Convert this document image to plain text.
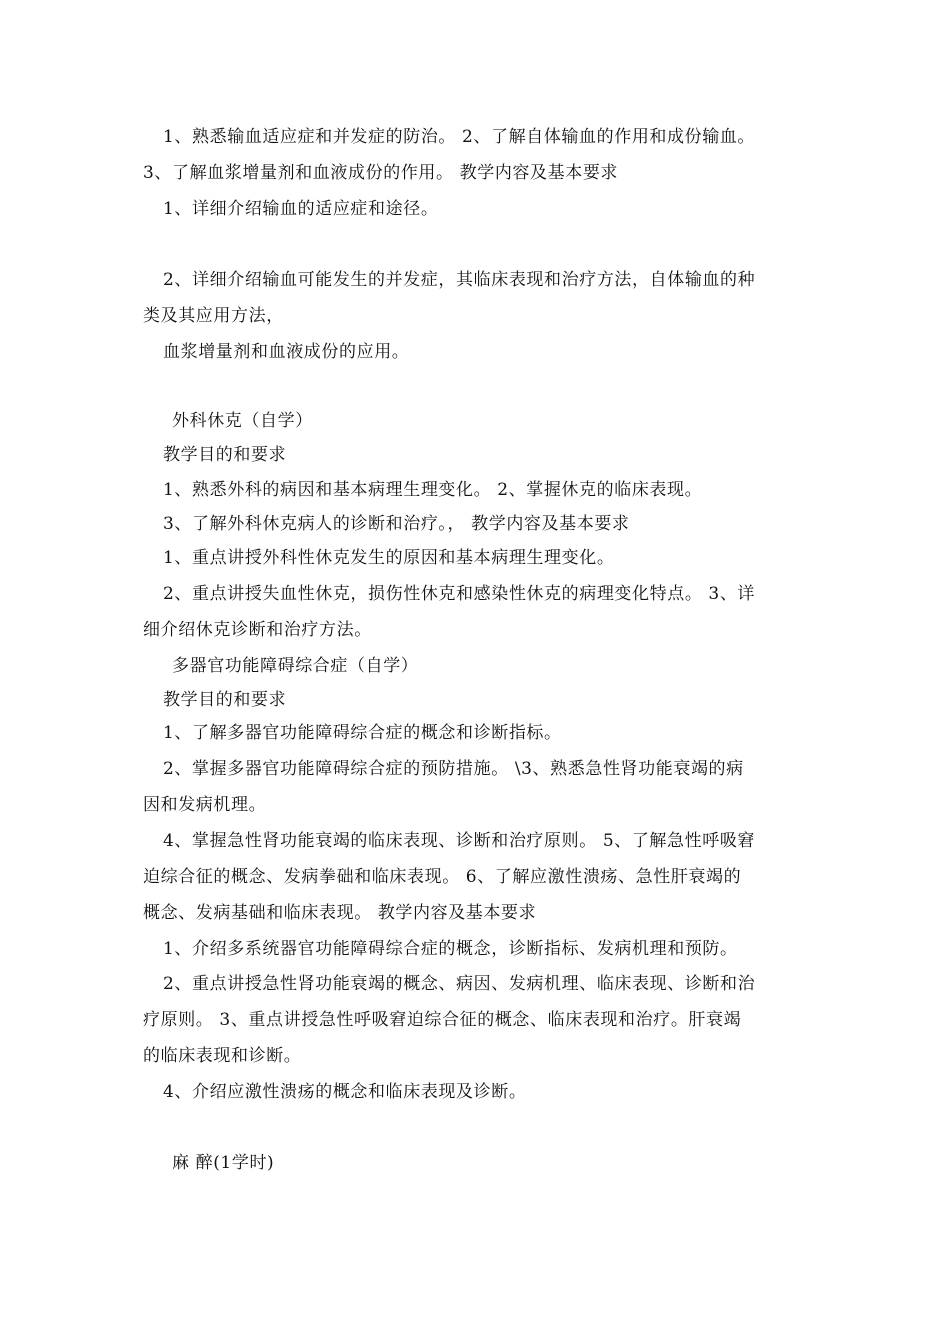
1、熟悉输血适应症和并发症的防治。 2、了解自体输血的作用和成份输血。
3、了解血浆增量剂和血液成份的作用。 教学内容及基本要求
1、详细介绍输血的适应症和途径。
2、详细介绍输血可能发生的并发症，其临床表现和治疗方法，自体输血的种
类及其应用方法，
血浆增量剂和血液成份的应用。
外科休克（自学）
教学目的和要求
1、熟悉外科的病因和基本病理生理变化。 2、掌握休克的临床表现。
3、了解外科休克病人的诊断和治疗。， 教学内容及基本要求
1、重点讲授外科性休克发生的原因和基本病理生理变化。
2、重点讲授失血性休克，损伤性休克和感染性休克的病理变化特点。 3、详
细介绍休克诊断和治疗方法。
多器官功能障碍综合症（自学）
教学目的和要求
1、了解多器官功能障碍综合症的概念和诊断指标。
2、掌握多器官功能障碍综合症的预防措施。 \3、熟悉急性肾功能衰竭的病
因和发病机理。
4、掌握急性肾功能衰竭的临床表现、诊断和治疗原则。 5、了解急性呼吸窘
迫综合征的概念、发病拳础和临床表现。 6、了解应激性溃疡、急性肝衰竭的
概念、发病基础和临床表现。 教学内容及基本要求
1、介绍多系统器官功能障碍综合症的概念，诊断指标、发病机理和预防。
2、重点讲授急性肾功能衰竭的概念、病因、发病机理、临床表现、诊断和治
疗原则。 3、重点讲授急性呼吸窘迫综合征的概念、临床表现和治疗。肝衰竭
的临床表现和诊断。
4、介绍应激性溃疡的概念和临床表现及诊断。
麻 醉(1学时)
